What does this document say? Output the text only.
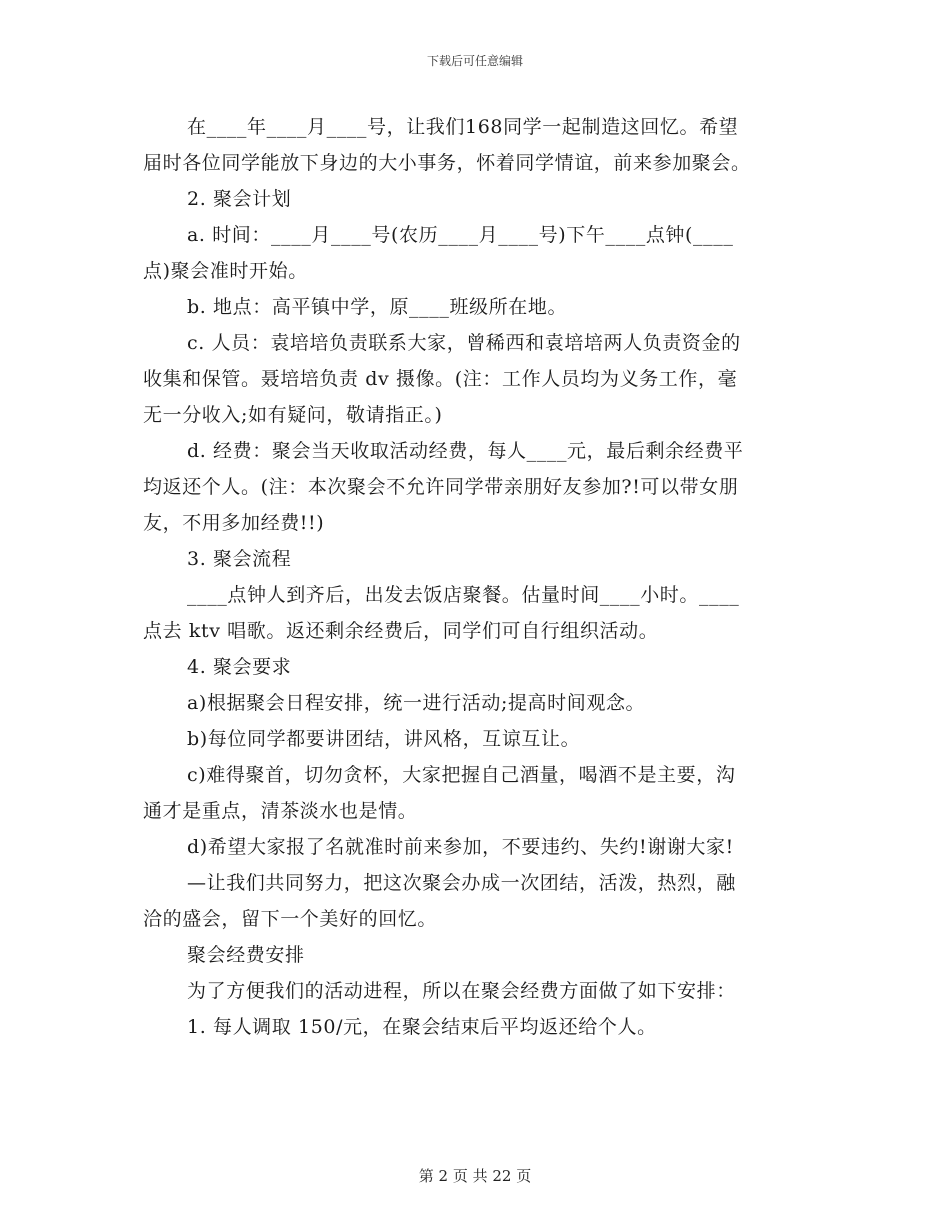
下载后可任意编辑
在____年____月____号，让我们168同学一起制造这回忆。希望
届时各位同学能放下身边的大小事务，怀着同学情谊，前来参加聚会。
2. 聚会计划
a. 时间：____月____号(农历____月____号)下午____点钟(____
点)聚会准时开始。
b. 地点：高平镇中学，原____班级所在地。
c. 人员：袁培培负责联系大家，曾稀西和袁培培两人负责资金的
收集和保管。聂培培负责 dv 摄像。(注：工作人员均为义务工作，毫
无一分收入;如有疑问，敬请指正。)
d. 经费：聚会当天收取活动经费，每人____元，最后剩余经费平
均返还个人。(注：本次聚会不允许同学带亲朋好友参加?!可以带女朋
友，不用多加经费!!)
3. 聚会流程
____点钟人到齐后，出发去饭店聚餐。估量时间____小时。____
点去 ktv 唱歌。返还剩余经费后，同学们可自行组织活动。
4. 聚会要求
a)根据聚会日程安排，统一进行活动;提高时间观念。
b)每位同学都要讲团结，讲风格，互谅互让。
c)难得聚首，切勿贪杯，大家把握自己酒量，喝酒不是主要，沟
通才是重点，清茶淡水也是情。
d)希望大家报了名就准时前来参加，不要违约、失约!谢谢大家!
—让我们共同努力，把这次聚会办成一次团结，活泼，热烈，融
洽的盛会，留下一个美好的回忆。
聚会经费安排
为了方便我们的活动进程，所以在聚会经费方面做了如下安排：
1. 每人调取 150/元，在聚会结束后平均返还给个人。
第 2 页 共 22 页
